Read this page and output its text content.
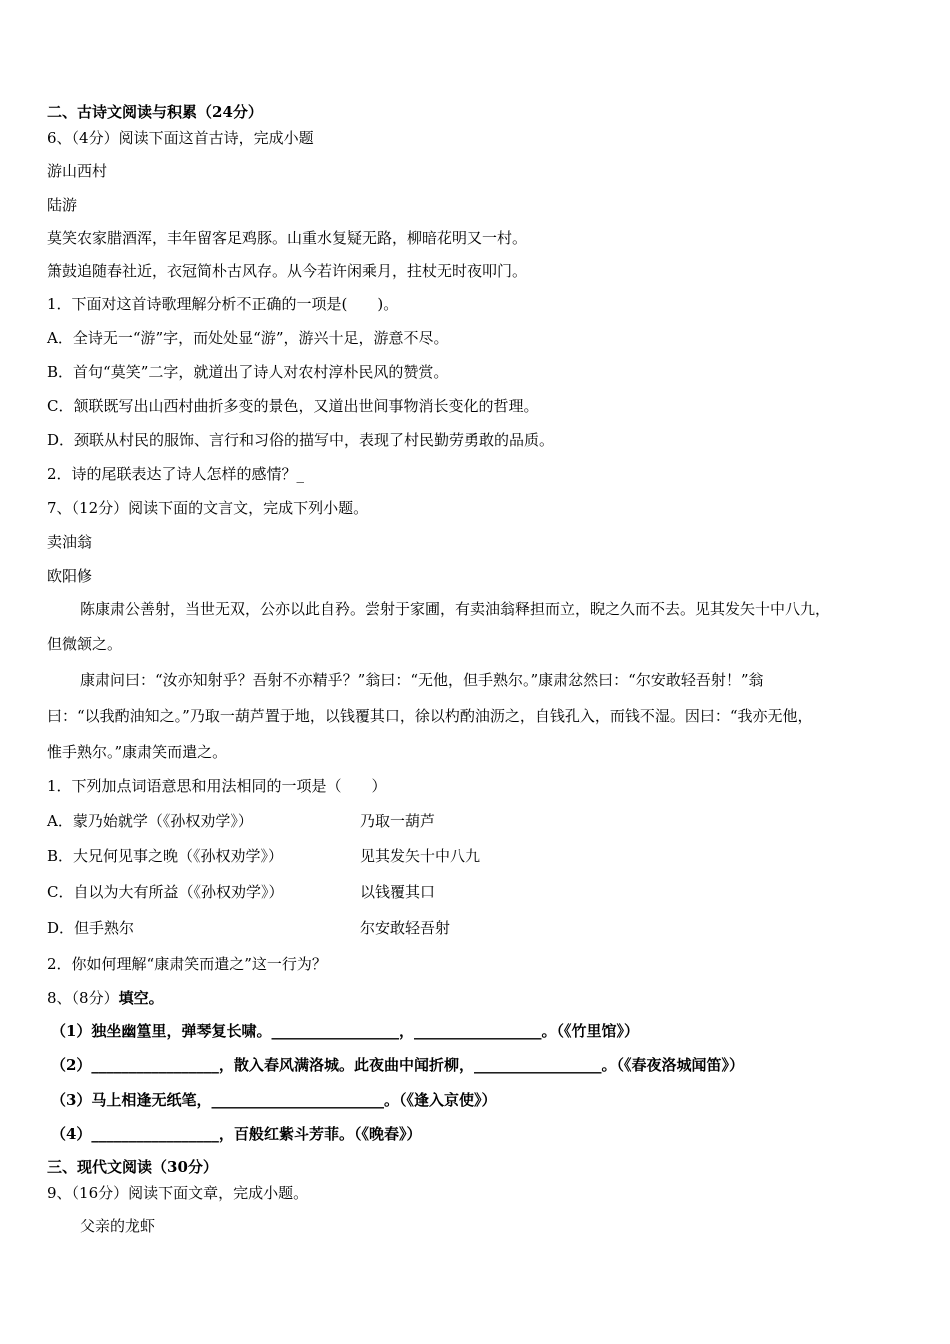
二、古诗文阅读与积累（24分）
6、（4分）阅读下面这首古诗，完成小题
游山西村
陆游
莫笑农家腊酒浑，丰年留客足鸡豚。山重水复疑无路，柳暗花明又一村。
箫鼓追随春社近，衣冠简朴古风存。从今若许闲乘月，拄杖无时夜叩门。
1．下面对这首诗歌理解分析不正确的一项是(　　)。
A．全诗无一“游”字，而处处显“游”，游兴十足，游意不尽。
B．首句“莫笑”二字，就道出了诗人对农村淳朴民风的赞赏。
C．颔联既写出山西村曲折多变的景色，又道出世间事物消长变化的哲理。
D．颈联从村民的服饰、言行和习俗的描写中，表现了村民勤劳勇敢的品质。
2．诗的尾联表达了诗人怎样的感情？_
7、（12分）阅读下面的文言文，完成下列小题。
卖油翁
欧阳修
陈康肃公善射，当世无双，公亦以此自矜。尝射于家圃，有卖油翁释担而立，睨之久而不去。见其发矢十中八九，
但微颔之。
康肃问曰：“汝亦知射乎？吾射不亦精乎？”翁曰：“无他，但手熟尔。”康肃忿然曰：“尔安敢轻吾射！”翁
曰：“以我酌油知之。”乃取一葫芦置于地，以钱覆其口，徐以杓酌油沥之，自钱孔入，而钱不湿。因曰：“我亦无他，
惟手熟尔。”康肃笑而遣之。
1．下列加点词语意思和用法相同的一项是（　　）
A．蒙乃始就学（《孙权劝学》）	乃取一葫芦
B．大兄何见事之晚（《孙权劝学》）	见其发矢十中八九
C．自以为大有所益（《孙权劝学》）	以钱覆其口
D．但手熟尔	尔安敢轻吾射
2．你如何理解“康肃笑而遣之”这一行为？
8、（8分）填空。
（1）独坐幽篁里，弹琴复长啸。_________________，_________________。（《竹里馆》）
（2）_________________，散入春风满洛城。此夜曲中闻折柳，_________________。（《春夜洛城闻笛》）
（3）马上相逢无纸笔，_______________________。（《逢入京使》）
（4）_________________，百般红紫斗芳菲。（《晚春》）
三、现代文阅读（30分）
9、（16分）阅读下面文章，完成小题。
父亲的龙虾
